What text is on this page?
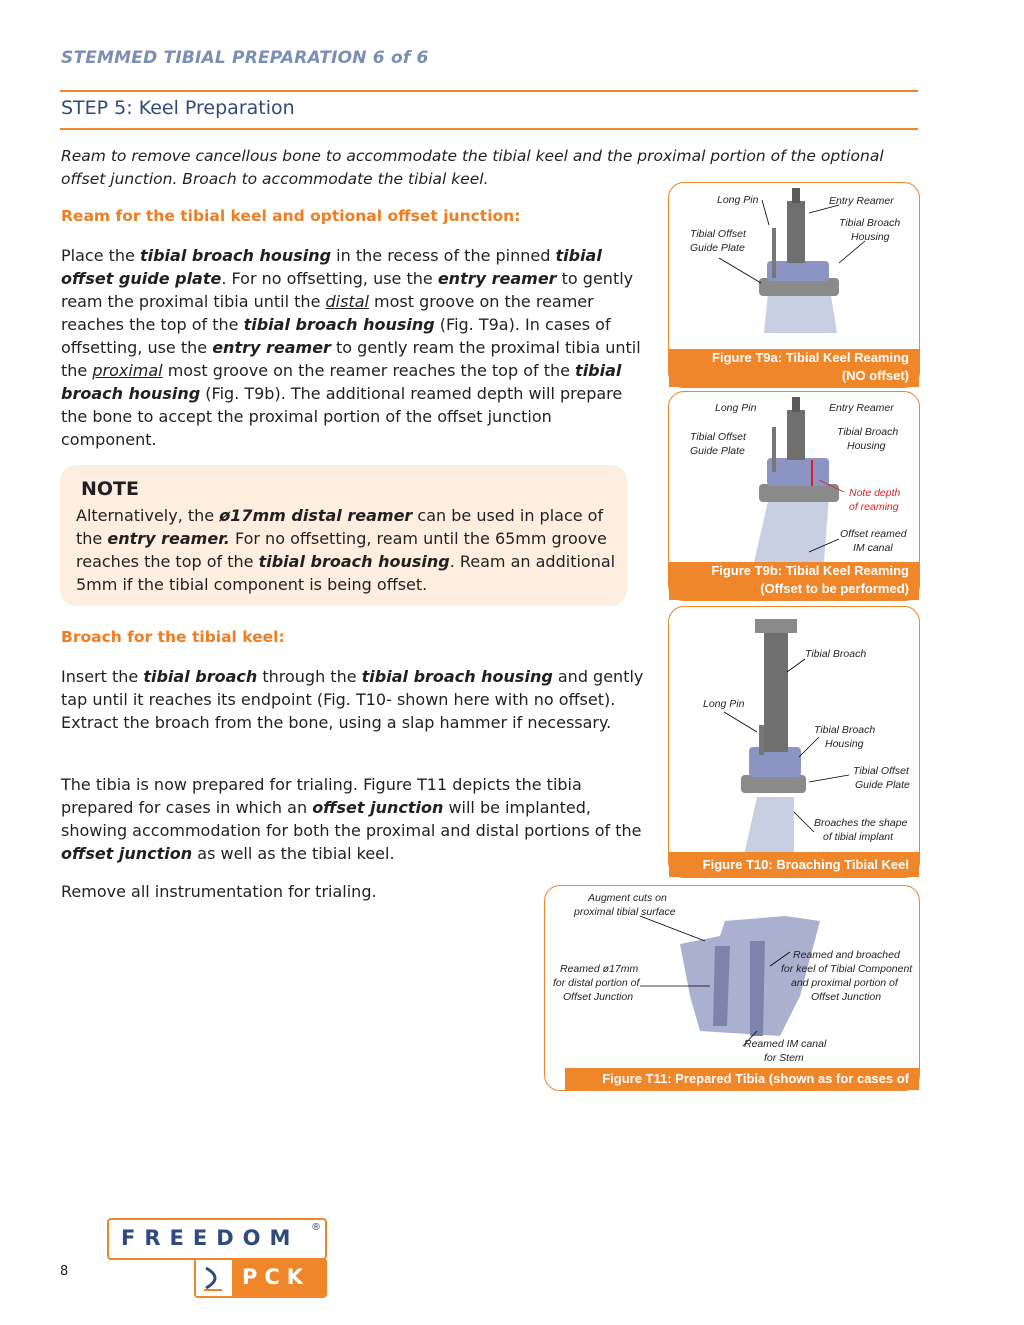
STEMMED TIBIAL PREPARATION 6 of 6
STEP 5: Keel Preparation
Ream to remove cancellous bone to accommodate the tibial keel and the proximal portion of the optional offset junction. Broach to accommodate the tibial keel.
Ream for the tibial keel and optional offset junction:
Place the tibial broach housing in the recess of the pinned tibial offset guide plate. For no offsetting, use the entry reamer to gently ream the proximal tibia until the distal most groove on the reamer reaches the top of the tibial broach housing (Fig. T9a). In cases of offsetting, use the entry reamer to gently ream the proximal tibia until the proximal most groove on the reamer reaches the top of the tibial broach housing (Fig. T9b). The additional reamed depth will prepare the bone to accept the proximal portion of the offset junction component.
NOTE
Alternatively, the ø17mm distal reamer can be used in place of the entry reamer. For no offsetting, ream until the 65mm groove reaches the top of the tibial broach housing. Ream an additional 5mm if the tibial component is being offset.
Broach for the tibial keel:
Insert the tibial broach through the tibial broach housing and gently tap until it reaches its endpoint (Fig. T10- shown here with no offset). Extract the broach from the bone, using a slap hammer if necessary.
The tibia is now prepared for trialing. Figure T11 depicts the tibia prepared for cases in which an offset junction will be implanted, showing accommodation for both the proximal and distal portions of the offset junction as well as the tibial keel.
Remove all instrumentation for trialing.
Long Pin	Entry Reamer
Tibial Broach
Housing
Tibial Offset
Guide Plate
Figure T9a: Tibial Keel Reaming
(NO offset)
Long Pin	Entry Reamer
Tibial Broach
Housing
Tibial Offset
Guide Plate
Note depth
of reaming
Offset reamed
IM canal
Figure T9b: Tibial Keel Reaming
(Offset to be performed)
Tibial Broach
Long Pin
Tibial Broach
Housing
Tibial Offset
Guide Plate
Broaches the shape
of tibial implant
Figure T10: Broaching Tibial Keel
Augment cuts on
proximal tibial surface
Reamed ø17mm
for distal portion of
Offset Junction
Reamed and broached
for keel of Tibial Component
and proximal portion of
Offset Junction
Reamed IM canal
for Stem
Figure T11: Prepared Tibia (shown as for cases of offset)
8
FREEDOM ®
PCK
